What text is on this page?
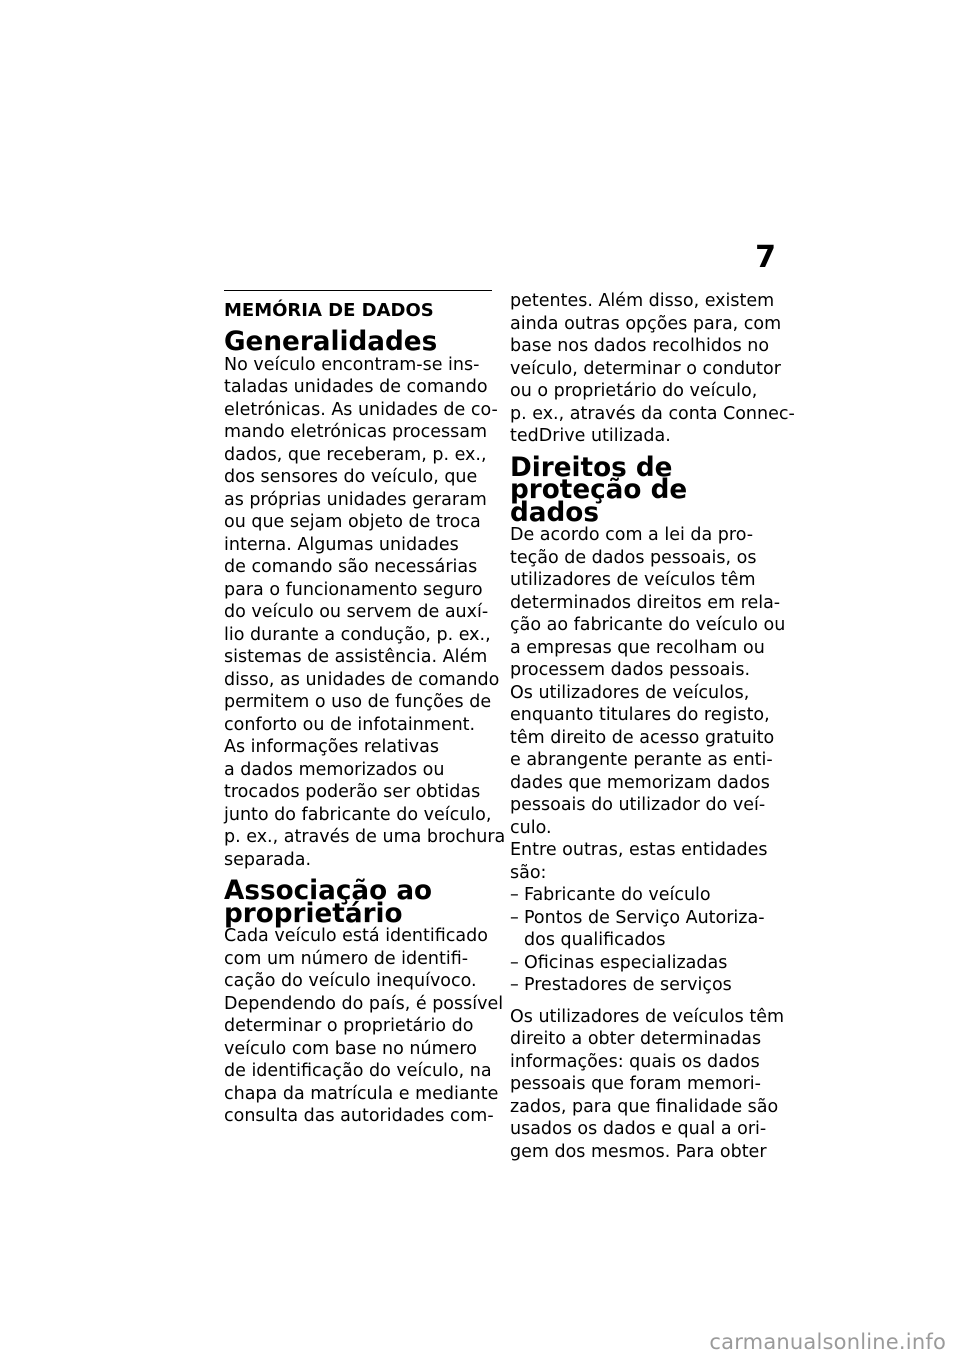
7
MEMÓRIA DE DADOS
Generalidades

No veículo encontram-se ins-
taladas unidades de comando
eletrónicas. As unidades de co-
mando eletrónicas processam
dados, que receberam, p. ex.,
dos sensores do veículo, que
as próprias unidades geraram
ou que sejam objeto de troca
interna. Algumas unidades
de comando são necessárias
para o funcionamento seguro
do veículo ou servem de auxí-
lio durante a condução, p. ex.,
sistemas de assistência. Além
disso, as unidades de comando
permitem o uso de funções de
conforto ou de infotainment.

As informações relativas
a dados memorizados ou
trocados poderão ser obtidas
junto do fabricante do veículo,
p. ex., através de uma brochura
separada.

Associação ao proprietário

Cada veículo está identificado
com um número de identifi-
cação do veículo inequívoco.
Dependendo do país, é possível
determinar o proprietário do
veículo com base no número
de identificação do veículo, na
chapa da matrícula e mediante
consulta das autoridades com-

petentes. Além disso, existem
ainda outras opções para, com
base nos dados recolhidos no
veículo, determinar o condutor
ou o proprietário do veículo,
p. ex., através da conta Connec-
tedDrive utilizada.

Direitos de proteção de dados

De acordo com a lei da pro-
teção de dados pessoais, os
utilizadores de veículos têm
determinados direitos em rela-
ção ao fabricante do veículo ou
a empresas que recolham ou
processem dados pessoais.

Os utilizadores de veículos,
enquanto titulares do registo,
têm direito de acesso gratuito
e abrangente perante as enti-
dades que memorizam dados
pessoais do utilizador do veí-
culo.

Entre outras, estas entidades
são:

– Fabricante do veículo
– Pontos de Serviço Autoriza-
dos qualificados
– Oficinas especializadas
– Prestadores de serviços

Os utilizadores de veículos têm
direito a obter determinadas
informações: quais os dados
pessoais que foram memori-
zados, para que finalidade são
usados os dados e qual a ori-
gem dos mesmos. Para obter

carmanualsonline.info
